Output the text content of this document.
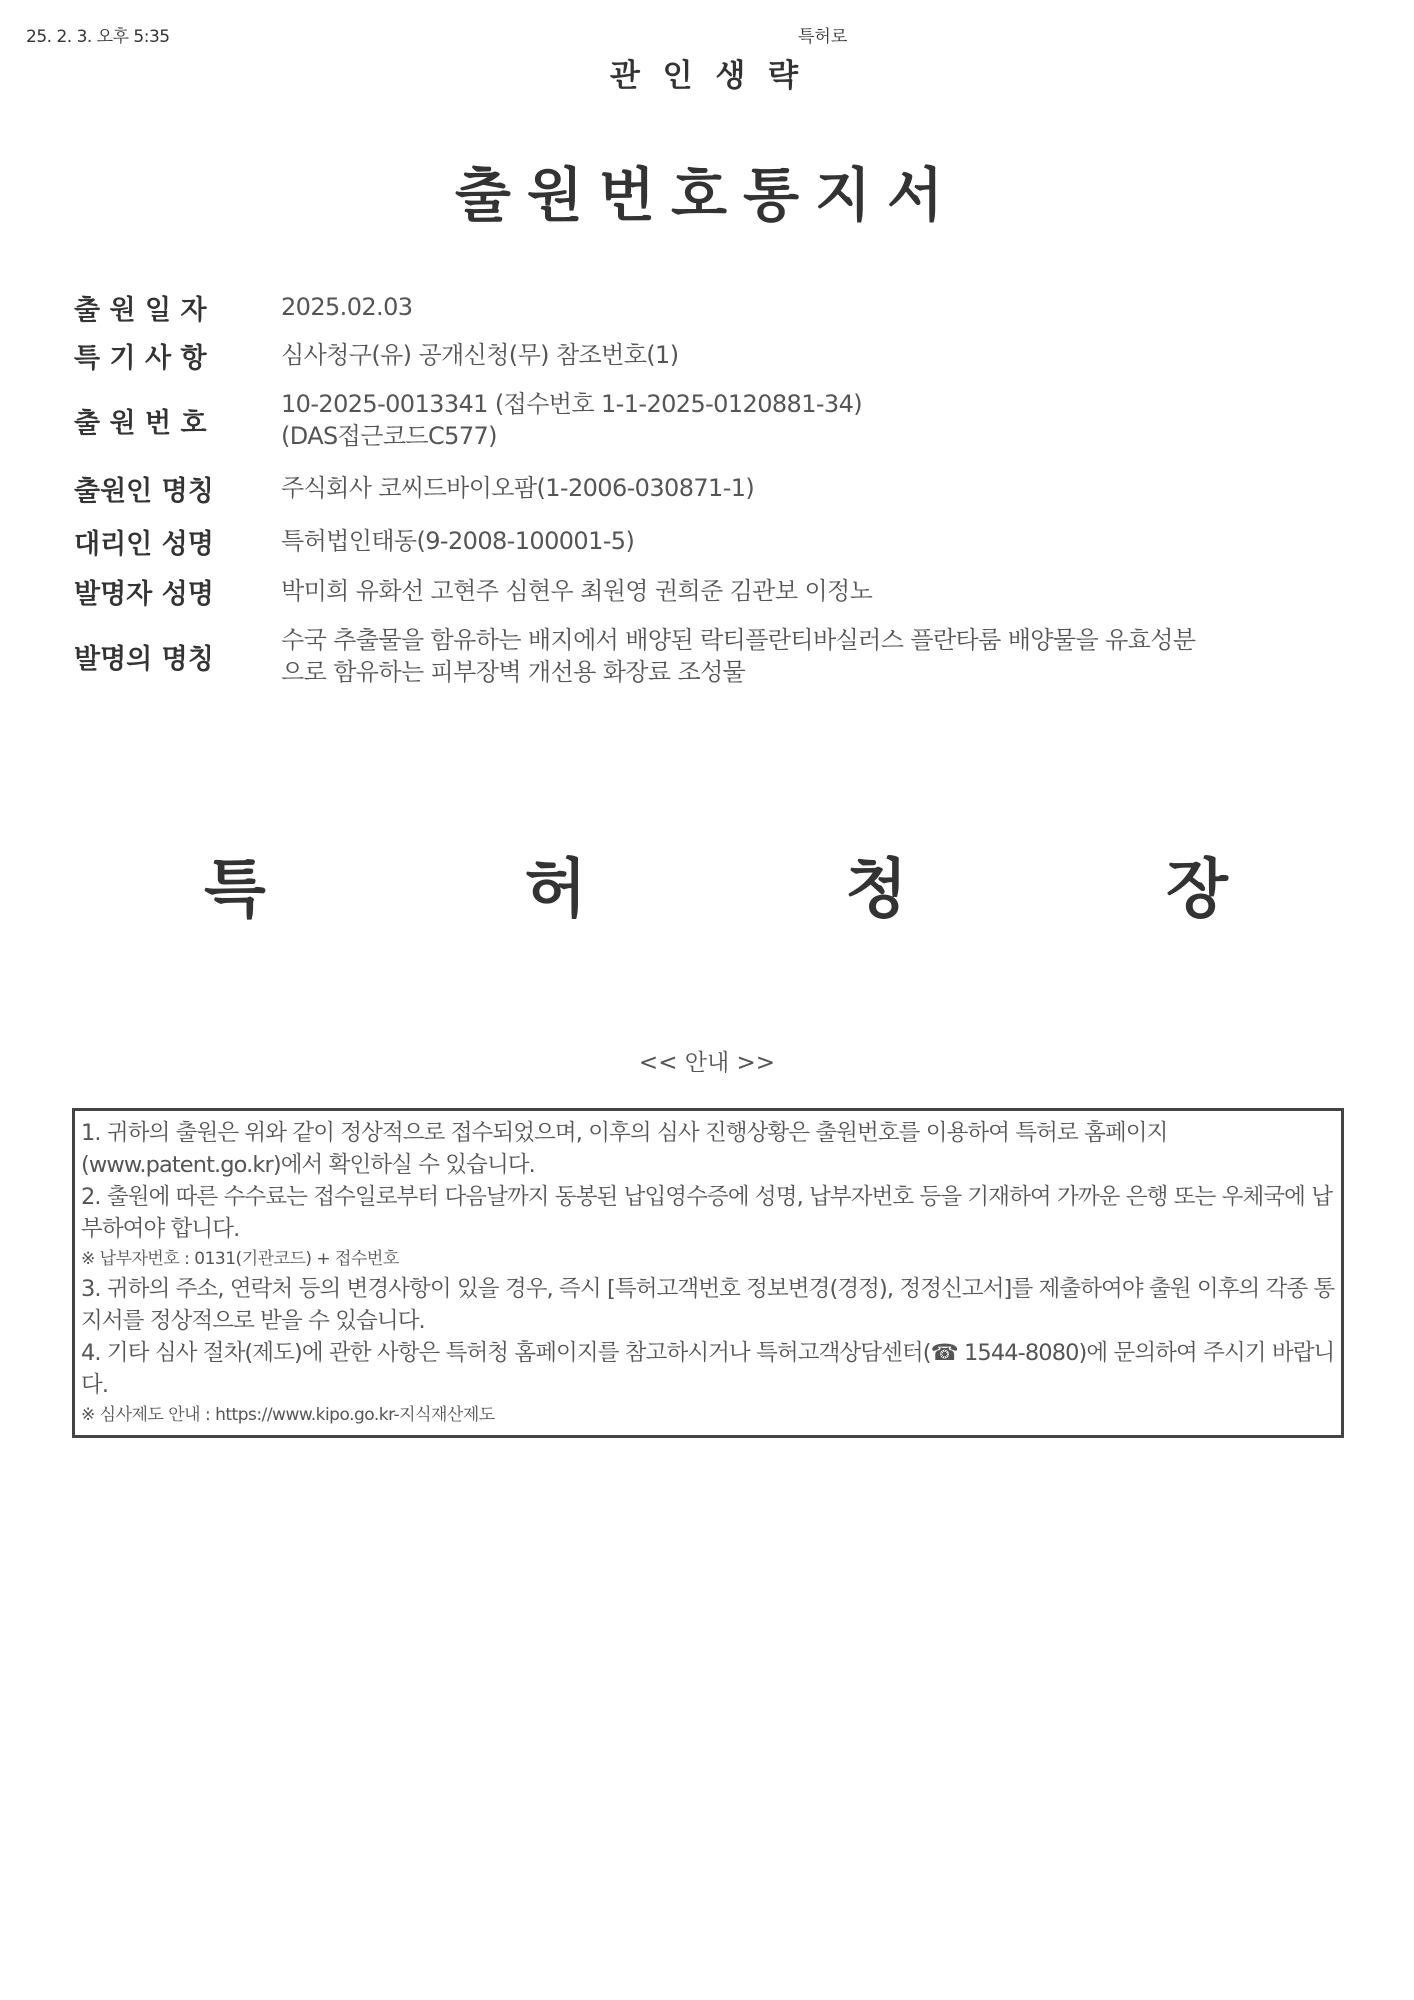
25. 2. 3. 오후 5:35	특허로
관 인 생 략
출원번호통지서
출 원 일 자	2025.02.03
특 기 사 항	심사청구(유) 공개신청(무) 참조번호(1)
출 원 번 호
10-2025-0013341 (접수번호 1-1-2025-0120881-34)
(DAS접근코드C577)
출원인 명칭	주식회사 코씨드바이오팜(1-2006-030871-1)
대리인 성명	특허법인태동(9-2008-100001-5)
발명자 성명	박미희 유화선 고현주 심현우 최원영 권희준 김관보 이정노
발명의 명칭
수국 추출물을 함유하는 배지에서 배양된 락티플란티바실러스 플란타룸 배양물을 유효성분
으로 함유하는 피부장벽 개선용 화장료 조성물
특	허	청	장
<< 안내 >>

1. 귀하의 출원은 위와 같이 정상적으로 접수되었으며, 이후의 심사 진행상황은 출원번호를 이용하여 특허로 홈페이지(www.patent.go.kr)에서 확인하실 수 있습니다.

2. 출원에 따른 수수료는 접수일로부터 다음날까지 동봉된 납입영수증에 성명, 납부자번호 등을 기재하여 가까운 은행 또는 우체국에 납부하여야 합니다.

※ 납부자번호 : 0131(기관코드) + 접수번호

3. 귀하의 주소, 연락처 등의 변경사항이 있을 경우, 즉시 [특허고객번호 정보변경(경정), 정정신고서]를 제출하여야 출원 이후의 각종 통지서를 정상적으로 받을 수 있습니다.

4. 기타 심사 절차(제도)에 관한 사항은 특허청 홈페이지를 참고하시거나 특허고객상담센터(☎ 1544-8080)에 문의하여 주시기 바랍니다.

※ 심사제도 안내 : https://www.kipo.go.kr-지식재산제도
